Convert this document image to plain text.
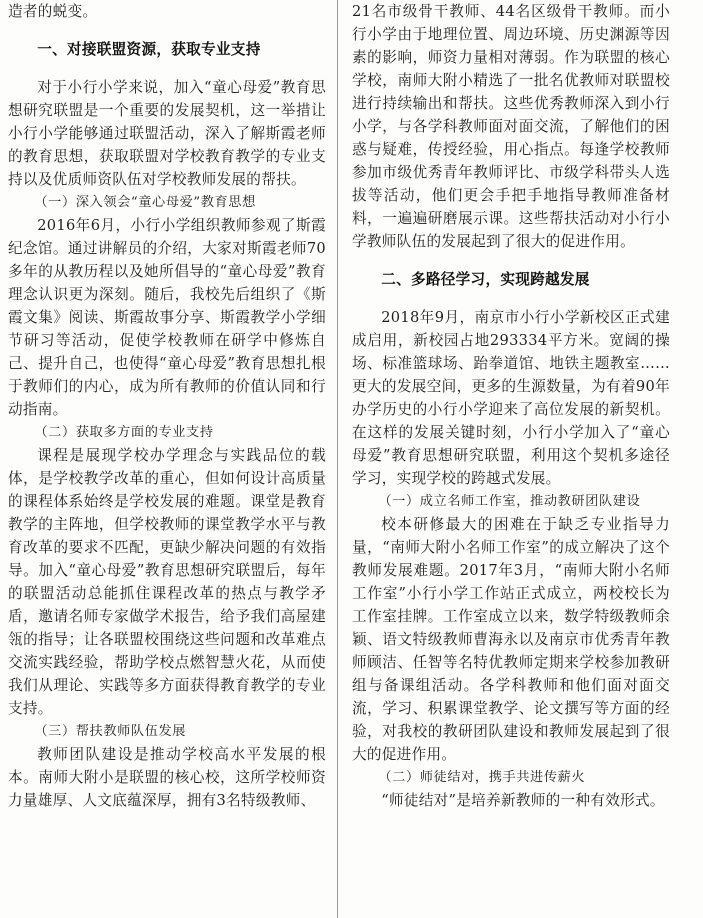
造者的蜕变。

一、对接联盟资源，获取专业支持

对于小行小学来说，加入“童心母爱”教育思想研究联盟是一个重要的发展契机，这一举措让小行小学能够通过联盟活动，深入了解斯霞老师的教育思想，获取联盟对学校教育教学的专业支持以及优质师资队伍对学校教师发展的帮扶。

（一）深入领会“童心母爱”教育思想

2016年6月，小行小学组织教师参观了斯霞纪念馆。通过讲解员的介绍，大家对斯霞老师70多年的从教历程以及她所倡导的“童心母爱”教育理念认识更为深刻。随后，我校先后组织了《斯霞文集》阅读、斯霞故事分享、斯霞教学小学细节研习等活动，促使学校教师在研学中修炼自己、提升自己，也使得“童心母爱”教育思想扎根于教师们的内心，成为所有教师的价值认同和行动指南。

（二）获取多方面的专业支持

课程是展现学校办学理念与实践品位的载体，是学校教学改革的重心，但如何设计高质量的课程体系始终是学校发展的难题。课堂是教育教学的主阵地，但学校教师的课堂教学水平与教育改革的要求不匹配，更缺少解决问题的有效指导。加入“童心母爱”教育思想研究联盟后，每年的联盟活动总能抓住课程改革的热点与教学矛盾，邀请名师专家做学术报告，给予我们高屋建瓴的指导；让各联盟校围绕这些问题和改革难点交流实践经验，帮助学校点燃智慧火花，从而使我们从理论、实践等多方面获得教育教学的专业支持。

（三）帮扶教师队伍发展

教师团队建设是推动学校高水平发展的根本。南师大附小是联盟的核心校，这所学校师资力量雄厚、人文底蕴深厚，拥有3名特级教师、

21名市级骨干教师、44名区级骨干教师。而小行小学由于地理位置、周边环境、历史渊源等因素的影响，师资力量相对薄弱。作为联盟的核心学校，南师大附小精选了一批名优教师对联盟校进行持续输出和帮扶。这些优秀教师深入到小行小学，与各学科教师面对面交流，了解他们的困惑与疑难，传授经验，用心指点。每逢学校教师参加市级优秀青年教师评比、市级学科带头人选拔等活动，他们更会手把手地指导教师准备材料，一遍遍研磨展示课。这些帮扶活动对小行小学教师队伍的发展起到了很大的促进作用。

二、多路径学习，实现跨越发展

2018年9月，南京市小行小学新校区正式建成启用，新校园占地293334平方米。宽阔的操场、标准篮球场、跆拳道馆、地铁主题教室……更大的发展空间，更多的生源数量，为有着90年办学历史的小行小学迎来了高位发展的新契机。在这样的发展关键时刻，小行小学加入了“童心母爱”教育思想研究联盟，利用这个契机多途径学习，实现学校的跨越式发展。

（一）成立名师工作室，推动教研团队建设

校本研修最大的困难在于缺乏专业指导力量，“南师大附小名师工作室”的成立解决了这个教师发展难题。2017年3月，“南师大附小名师工作室”小行小学工作站正式成立，两校校长为工作室挂牌。工作室成立以来，数学特级教师余颖、语文特级教师曹海永以及南京市优秀青年教师顾洁、任智等名特优教师定期来学校参加教研组与备课组活动。各学科教师和他们面对面交流，学习、积累课堂教学、论文撰写等方面的经验，对我校的教研团队建设和教师发展起到了很大的促进作用。

（二）师徒结对，携手共进传薪火

“师徒结对”是培养新教师的一种有效形式。
